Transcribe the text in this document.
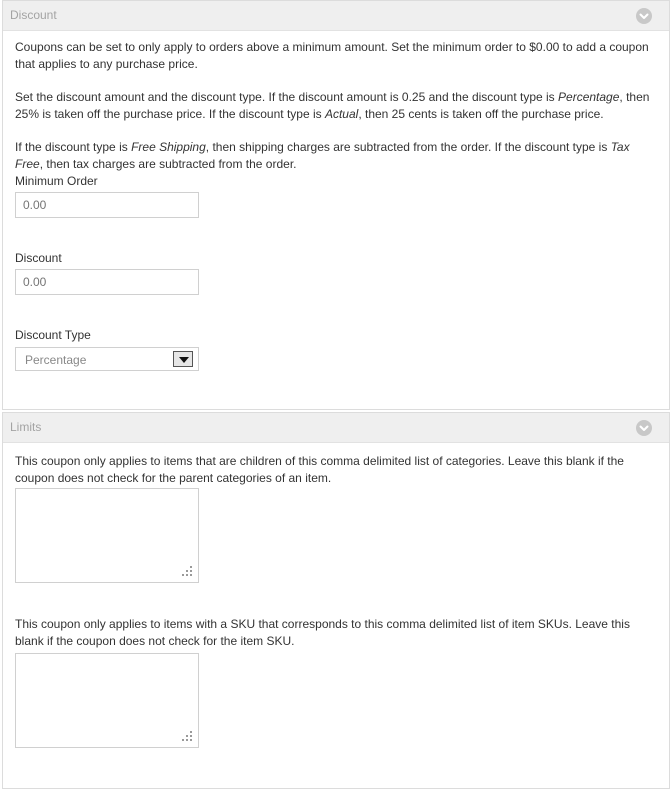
Discount

Coupons can be set to only apply to orders above a minimum amount. Set the minimum order to $0.00 to add a coupon that applies to any purchase price.

Set the discount amount and the discount type. If the discount amount is 0.25 and the discount type is Percentage, then 25% is taken off the purchase price. If the discount type is Actual, then 25 cents is taken off the purchase price.

If the discount type is Free Shipping, then shipping charges are subtracted from the order. If the discount type is Tax Free, then tax charges are subtracted from the order.

Minimum Order
0.00
Discount
0.00
Discount Type
Percentage
Limits

This coupon only applies to items that are children of this comma delimited list of categories. Leave this blank if the coupon does not check for the parent categories of an item.

This coupon only applies to items with a SKU that corresponds to this comma delimited list of item SKUs. Leave this blank if the coupon does not check for the item SKU.
